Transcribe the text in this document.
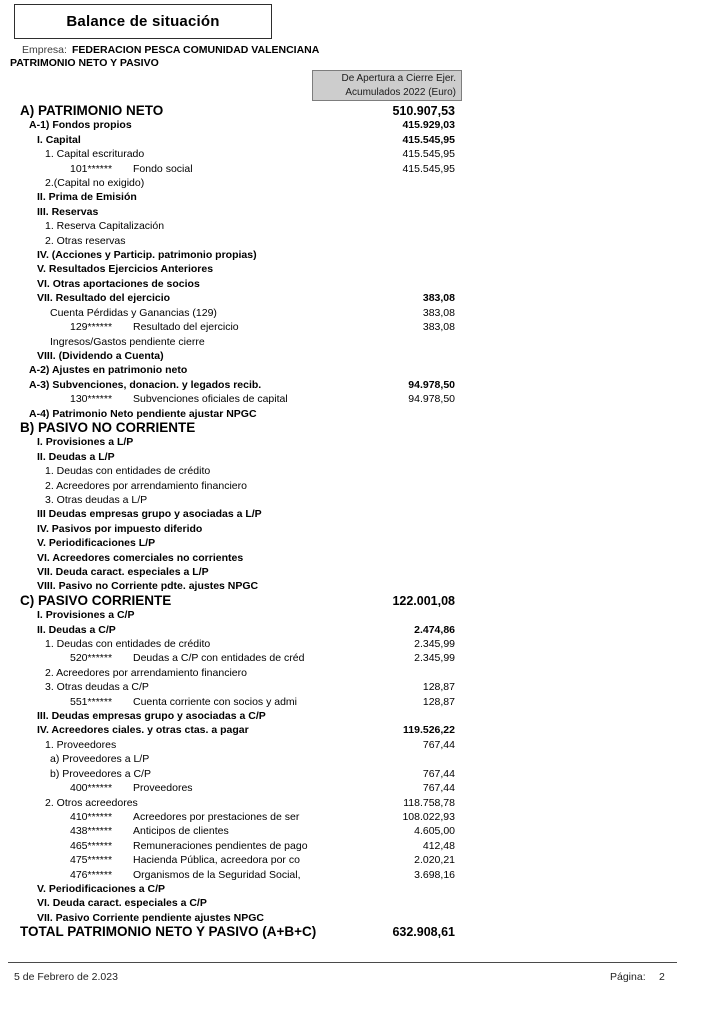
Balance de situación
Empresa: FEDERACION PESCA COMUNIDAD VALENCIANA
PATRIMONIO NETO Y PASIVO
De Apertura a Cierre Ejer.
Acumulados 2022 (Euro)
A) PATRIMONIO NETO	510.907,53
A-1) Fondos propios	415.929,03
I. Capital	415.545,95
1. Capital escriturado	415.545,95
101****** Fondo social	415.545,95
2.(Capital no exigido)
II. Prima de Emisión
III. Reservas
1. Reserva Capitalización
2. Otras reservas
IV. (Acciones y Particip. patrimonio propias)
V. Resultados Ejercicios Anteriores
VI. Otras aportaciones de socios
VII. Resultado del ejercicio	383,08
Cuenta Pérdidas y Ganancias (129)	383,08
129****** Resultado del ejercicio	383,08
Ingresos/Gastos pendiente cierre
VIII. (Dividendo a Cuenta)
A-2) Ajustes en patrimonio neto
A-3) Subvenciones, donacion. y legados recib.	94.978,50
130****** Subvenciones oficiales de capital	94.978,50
A-4) Patrimonio Neto pendiente ajustar NPGC
B) PASIVO NO CORRIENTE
I. Provisiones a L/P
II. Deudas a L/P
1. Deudas con entidades de crédito
2. Acreedores por arrendamiento financiero
3. Otras deudas a L/P
III Deudas empresas grupo y asociadas a L/P
IV. Pasivos por impuesto diferido
V. Periodificaciones L/P
VI. Acreedores comerciales no corrientes
VII. Deuda caract. especiales a L/P
VIII. Pasivo no Corriente pdte. ajustes NPGC
C) PASIVO CORRIENTE	122.001,08
I. Provisiones a C/P
II. Deudas a C/P	2.474,86
1. Deudas con entidades de crédito	2.345,99
520****** Deudas a C/P con entidades de créd	2.345,99
2. Acreedores por arrendamiento financiero
3. Otras deudas a C/P	128,87
551****** Cuenta corriente con socios y admi	128,87
III. Deudas empresas grupo y asociadas a C/P
IV. Acreedores ciales. y otras ctas. a pagar	119.526,22
1. Proveedores	767,44
a) Proveedores a L/P
b) Proveedores a C/P	767,44
400****** Proveedores	767,44
2. Otros acreedores	118.758,78
410****** Acreedores por prestaciones de ser	108.022,93
438****** Anticipos de clientes	4.605,00
465****** Remuneraciones pendientes de pago	412,48
475****** Hacienda Pública, acreedora por co	2.020,21
476****** Organismos de la Seguridad Social,	3.698,16
V. Periodificaciones a C/P
VI. Deuda caract. especiales a C/P
VII. Pasivo Corriente pendiente ajustes NPGC
TOTAL PATRIMONIO NETO Y PASIVO (A+B+C)	632.908,61
5 de Febrero de 2.023	Página: 2
